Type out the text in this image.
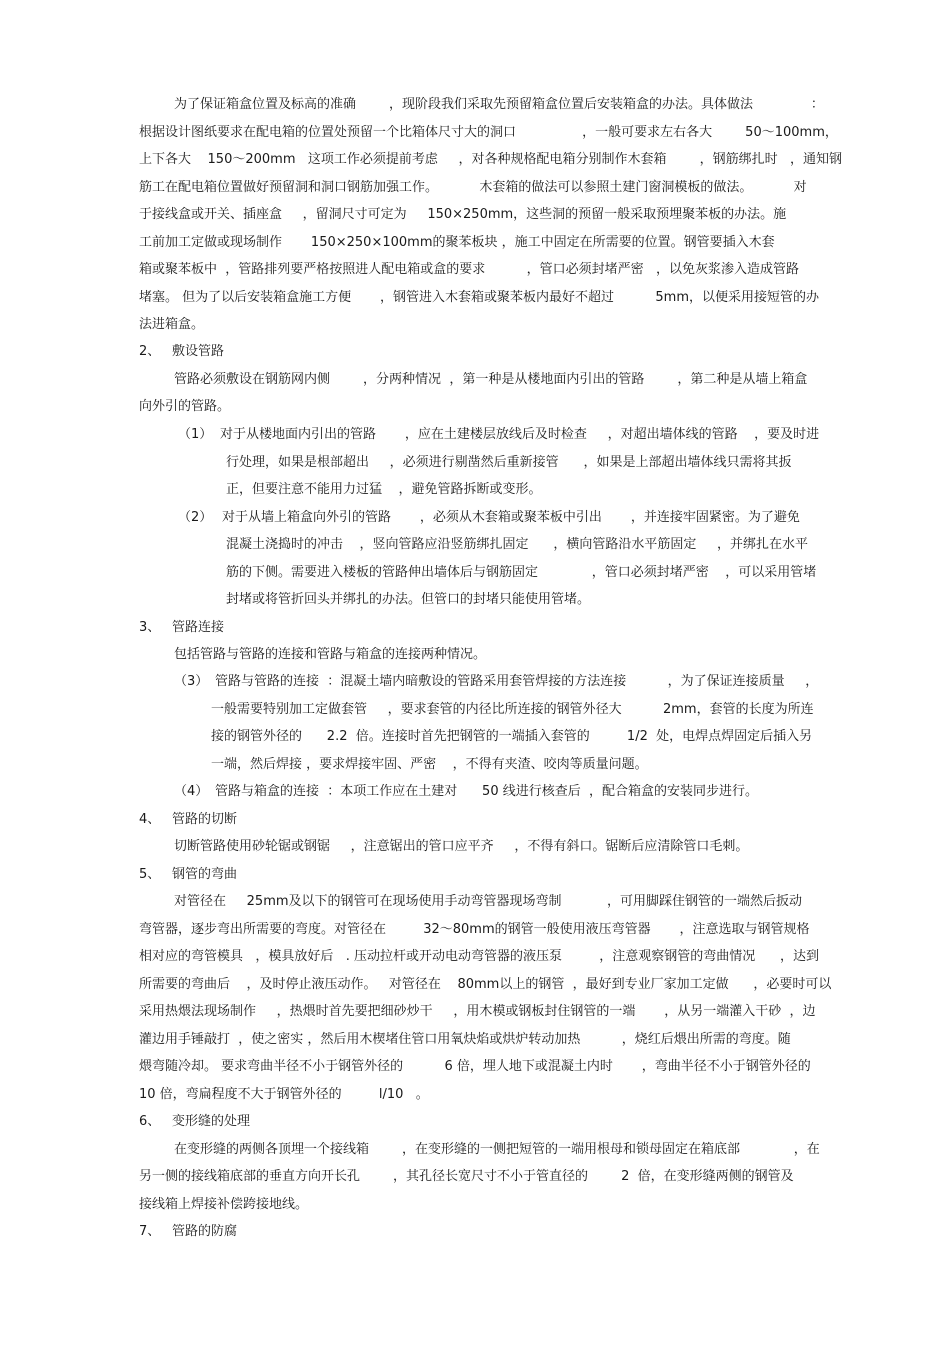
为了保证箱盒位置及标高的准确        ，现阶段我们采取先预留箱盒位置后安装箱盒的办法。具体做法              ：
根据设计图纸要求在配电箱的位置处预留一个比箱体尺寸大的洞口                ，一般可要求左右各大        50～100mm，
上下各大    150～200mm   这项工作必须提前考虑     ，对各种规格配电箱分别制作木套箱        ，钢筋绑扎时   ，通知钢
筋工在配电箱位置做好预留洞和洞口钢筋加强工作。          木套箱的做法可以参照土建门窗洞模板的做法。          对
于接线盒或开关、插座盒     ，留洞尺寸可定为     150×250mm，这些洞的预留一般采取预埋聚苯板的办法。施
工前加工定做或现场制作       150×250×100mm的聚苯板块 ，施工中固定在所需要的位置。钢管要插入木套
箱或聚苯板中  ，管路排列要严格按照进人配电箱或盒的要求          ，管口必须封堵严密   ，以免灰浆渗入造成管路
堵塞。 但为了以后安装箱盒施工方便       ，钢管进入木套箱或聚苯板内最好不超过          5mm，以便采用接短管的办
法进箱盒。
2、 敷设管路
管路必须敷设在钢筋网内侧        ，分两种情况  ，第一种是从楼地面内引出的管路        ，第二种是从墙上箱盒
向外引的管路。
（1） 对于从楼地面内引出的管路       ，应在土建楼层放线后及时检查     ，对超出墙体线的管路    ，要及时进
行处理，如果是根部超出     ，必须进行剔凿然后重新接管      ，如果是上部超出墙体线只需将其扳
正，但要注意不能用力过猛    ，避免管路拆断或变形。
（2） 对于从墙上箱盒向外引的管路       ，必须从木套箱或聚苯板中引出       ，并连接牢固紧密。为了避免
混凝土浇捣时的冲击    ，竖向管路应沿竖筋绑扎固定      ，横向管路沿水平筋固定     ，并绑扎在水平
筋的下侧。需要进入楼板的管路伸出墙体后与钢筋固定             ，管口必须封堵严密    ，可以采用管堵
封堵或将管折回头并绑扎的办法。但管口的封堵只能使用管堵。
3、 管路连接
包括管路与管路的连接和管路与箱盒的连接两种情况。
（3） 管路与管路的连接  ：混凝土墙内暗敷设的管路采用套管焊接的方法连接          ，为了保证连接质量     ，
一般需要特别加工定做套管     ，要求套管的内径比所连接的钢管外径大          2mm，套管的长度为所连
接的钢管外径的      2.2  倍。连接时首先把钢管的一端插入套管的         1/2  处，电焊点焊固定后插入另
一端，然后焊接 ，要求焊接牢固、严密    ，不得有夹渣、咬肉等质量问题。
（4） 管路与箱盒的连接  ：本项工作应在土建对      50 线进行核查后  ，配合箱盒的安装同步进行。
4、 管路的切断
切断管路使用砂轮锯或钢锯     ，注意锯出的管口应平齐     ，不得有斜口。锯断后应清除管口毛刺。
5、 钢管的弯曲
对管径在     25mm及以下的钢管可在现场使用手动弯管器现场弯制           ，可用脚踩住钢管的一端然后扳动
弯管器，逐步弯出所需要的弯度。对管径在         32～80mm的钢管一般使用液压弯管器       ，注意选取与钢管规格
相对应的弯管模具   ，模具放好后   . 压动拉杆或开动电动弯管器的液压泵         ，注意观察钢管的弯曲情况      ，达到
所需要的弯曲后    ，及时停止液压动作。   对管径在    80mm以上的钢管  ，最好到专业厂家加工定做      ，必要时可以
采用热煨法现场制作     ，热煨时首先要把细砂炒干     ，用木模或钢板封住钢管的一端       ，从另一端灌入干砂  ，边
灌边用手锤敲打  ，使之密实 ，然后用木楔堵住管口用氧炔焰或烘炉转动加热          ，烧红后煨出所需的弯度。随
煨弯随冷却。 要求弯曲半径不小于钢管外径的          6 倍，埋人地下或混凝土内时       ，弯曲半径不小于钢管外径的
10 倍，弯扁程度不大于钢管外径的         l/10   。
6、 变形缝的处理
在变形缝的两侧各顶埋一个接线箱        ，在变形缝的一侧把短管的一端用根母和锁母固定在箱底部             ，在
另一侧的接线箱底部的垂直方向开长孔        ，其孔径长宽尺寸不小于管直径的        2  倍，在变形缝两侧的钢管及
接线箱上焊接补偿跨接地线。
7、 管路的防腐
